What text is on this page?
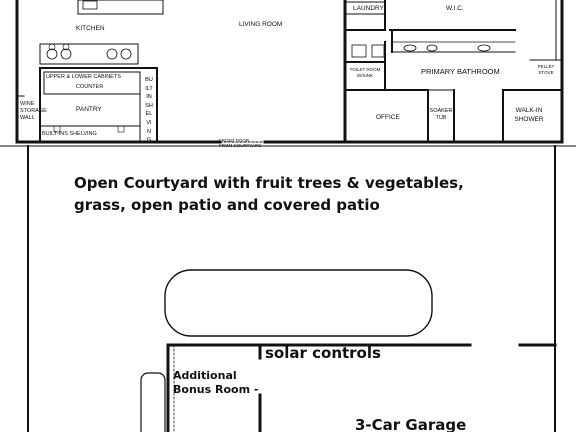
KITCHEN
LIVING ROOM
LAUNDRY	W.I.C.
TOILET ROOM
W/SINK	PRIMARY BATHROOM
PELLET
STOVE
UPPER & LOWER CABINETS
COUNTER
BUILT IN SHELVING
PANTRY
WINE
STORAGE
WALL
BUILT-INS SHELVING
OFFICE
SOAKER
TUB
WALK-IN
SHOWER
FRONT DOOR
FROM COURTYARD
Open Courtyard with fruit trees & vegetables,
grass, open patio and covered patio
solar controls
Additional
Bonus Room -
3-Car Garage
